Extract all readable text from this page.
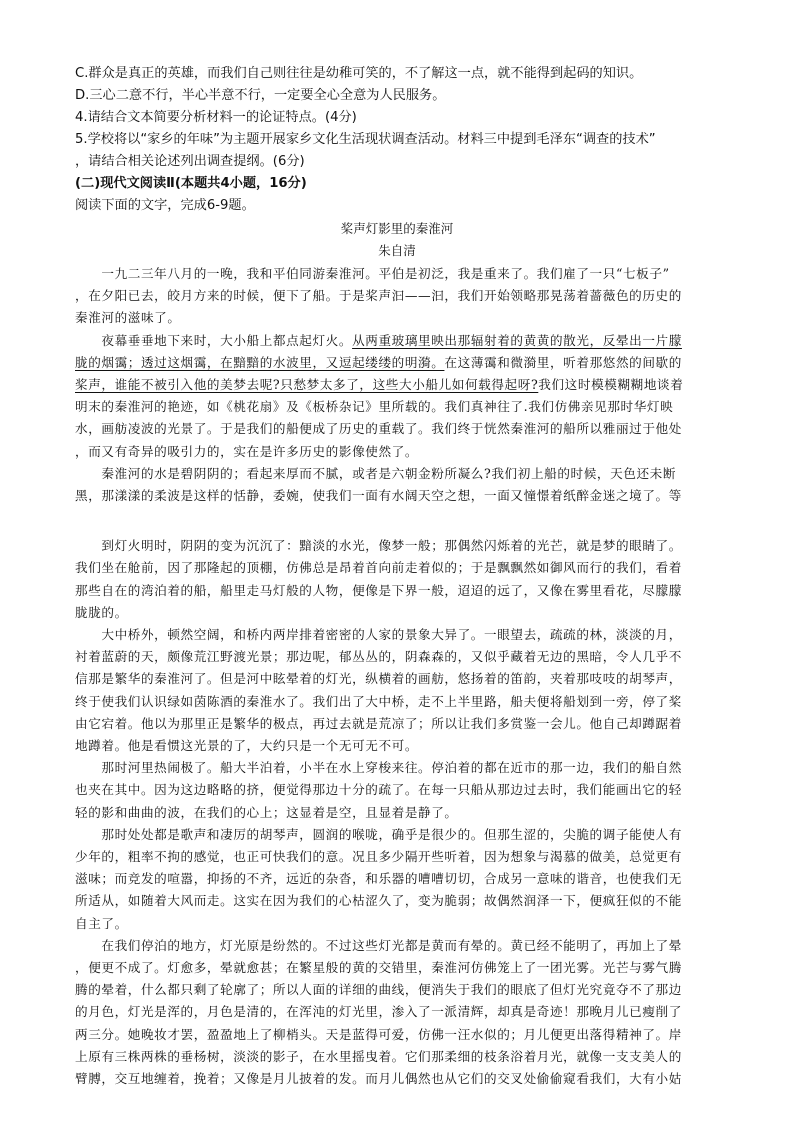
C.群众是真正的英雄，而我们自己则往往是幼稚可笑的，不了解这一点，就不能得到起码的知识。
D.三心二意不行，半心半意不行，一定要全心全意为人民服务。
4.请结合文本简要分析材料一的论证特点。(4分)
5.学校将以“家乡的年味”为主题开展家乡文化生活现状调查活动。材料三中提到毛泽东“调查的技术”
，请结合相关论述列出调查提纲。(6分)
(二)现代文阅读Ⅱ(本题共4小题，16分)
阅读下面的文字，完成6-9题。
桨声灯影里的秦淮河
朱自清
　　一九二三年八月的一晚，我和平伯同游秦淮河。平伯是初泛，我是重来了。我们雇了一只“七板子”
，在夕阳已去，皎月方来的时候，便下了船。于是桨声汩——汩，我们开始领略那晃荡着蔷薇色的历史的
秦淮河的滋味了。
　　夜幕垂垂地下来时，大小船上都点起灯火。从两重玻璃里映出那辐射着的黄黄的散光，反晕出一片朦
胧的烟霭；透过这烟霭，在黯黯的水波里，又逗起缕缕的明漪。在这薄霭和微漪里，听着那悠然的间歇的
桨声，谁能不被引入他的美梦去呢?只愁梦太多了，这些大小船儿如何载得起呀?我们这时模模糊糊地谈着
明末的秦淮河的艳迹，如《桃花扇》及《板桥杂记》里所载的。我们真神往了.我们仿佛亲见那时华灯映
水，画舫凌波的光景了。于是我们的船便成了历史的重载了。我们终于恍然秦淮河的船所以雅丽过于他处
，而又有奇异的吸引力的，实在是许多历史的影像使然了。
　　秦淮河的水是碧阴阴的；看起来厚而不腻，或者是六朝金粉所凝么?我们初上船的时候，天色还未断
黑，那漾漾的柔波是这样的恬静，委婉，使我们一面有水阔天空之想，一面又憧憬着纸醉金迷之境了。等
　　到灯火明时，阴阴的变为沉沉了：黯淡的水光，像梦一般；那偶然闪烁着的光芒，就是梦的眼睛了。
我们坐在舱前，因了那隆起的顶棚，仿佛总是昂着首向前走着似的；于是飘飘然如御风而行的我们，看着
那些自在的湾泊着的船，船里走马灯般的人物，便像是下界一般，迢迢的远了，又像在雾里看花，尽朦朦
胧胧的。
　　大中桥外，顿然空阔，和桥内两岸排着密密的人家的景象大异了。一眼望去，疏疏的林，淡淡的月，
衬着蓝蔚的天，颇像荒江野渡光景；那边呢，郁丛丛的，阴森森的，又似乎藏着无边的黑暗，令人几乎不
信那是繁华的秦淮河了。但是河中眩晕着的灯光，纵横着的画舫，悠扬着的笛韵，夹着那吱吱的胡琴声，
终于使我们认识绿如茵陈酒的秦淮水了。我们出了大中桥，走不上半里路，船夫便将船划到一旁，停了桨
由它宕着。他以为那里正是繁华的极点，再过去就是荒凉了；所以让我们多赏鉴一会儿。他自己却蹲踞着
地蹲着。他是看惯这光景的了，大约只是一个无可无不可。
　　那时河里热闹极了。船大半泊着，小半在水上穿梭来往。停泊着的都在近市的那一边，我们的船自然
也夹在其中。因为这边略略的挤，便觉得那边十分的疏了。在每一只船从那边过去时，我们能画出它的轻
轻的影和曲曲的波，在我们的心上；这显着是空，且显着是静了。
　　那时处处都是歌声和凄厉的胡琴声，圆润的喉咙，确乎是很少的。但那生涩的，尖脆的调子能使人有
少年的，粗率不拘的感觉，也正可快我们的意。况且多少隔开些听着，因为想象与渴慕的做美，总觉更有
滋味；而竞发的喧嚣，抑扬的不齐，远近的杂沓，和乐器的嘈嘈切切，合成另一意味的谐音，也使我们无
所适从，如随着大风而走。这实在因为我们的心枯涩久了，变为脆弱；故偶然润泽一下，便疯狂似的不能
自主了。
　　在我们停泊的地方，灯光原是纷然的。不过这些灯光都是黄而有晕的。黄已经不能明了，再加上了晕
，便更不成了。灯愈多，晕就愈甚；在繁星般的黄的交错里，秦淮河仿佛笼上了一团光雾。光芒与雾气腾
腾的晕着，什么都只剩了轮廓了；所以人面的详细的曲线，便消失于我们的眼底了但灯光究竟夺不了那边
的月色，灯光是浑的，月色是清的，在浑沌的灯光里，渗入了一派清辉，却真是奇迹！那晚月儿已瘦削了
两三分。她晚妆才罢，盈盈地上了柳梢头。天是蓝得可爱，仿佛一汪水似的；月儿便更出落得精神了。岸
上原有三株两株的垂杨树，淡淡的影子，在水里摇曳着。它们那柔细的枝条浴着月光，就像一支支美人的
臂膊，交互地缠着，挽着；又像是月儿披着的发。而月儿偶然也从它们的交叉处偷偷窥看我们，大有小姑
